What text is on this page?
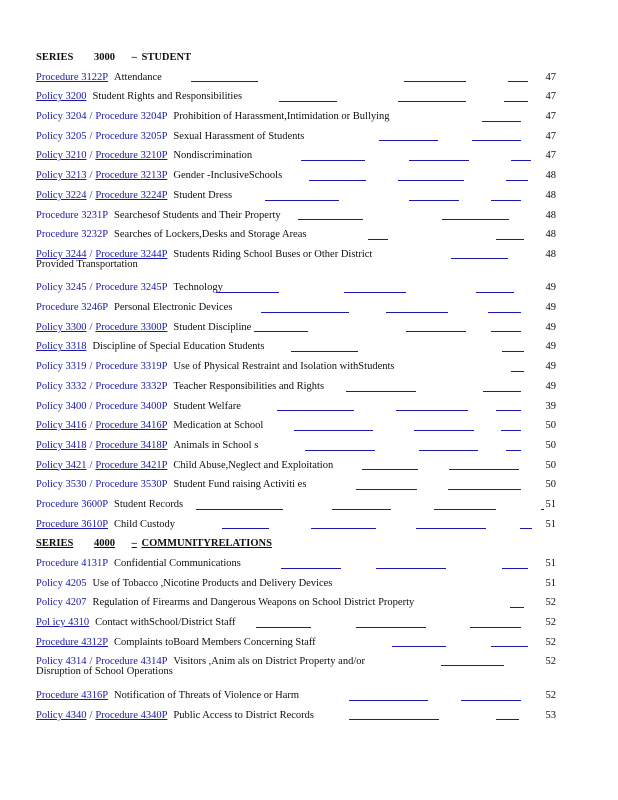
SERIES 3000 – STUDENT
Procedure 3122P Attendance	47
Policy 3200 Student Rights and Responsibilities	47
Policy 3204 / Procedure 3204P Prohibition of Harassment,Intimidation or Bullying	47
Policy 3205 / Procedure 3205P Sexual Harassment of Students	47
Policy 3210 / Procedure 3210P Nondiscrimination	47
Policy 3213 / Procedure 3213P Gender -InclusiveSchools	48
Policy 3224 / Procedure 3224P Student Dress	48
Procedure 3231P Searchesof Students and Their Property	48
Procedure 3232P Searches of Lockers,Desks and Storage Areas	48
Policy 3244 / Procedure 3244P Students Riding School Buses or Other District
Provided Transportation
48
Policy 3245 / Procedure 3245P Technology	49
Procedure 3246P Personal Electronic Devices	49
Policy 3300 / Procedure 3300P Student Discipline	49
Policy 3318 Discipline of Special Education Students	49
Policy 3319 / Procedure 3319P Use of Physical Restraint and Isolation withStudents	49
Policy 3332 / Procedure 3332P Teacher Responsibilities and Rights	49
Policy 3400 / Procedure 3400P Student Welfare	39
Policy 3416 / Procedure 3416P Medication at School	50
Policy 3418 / Procedure 3418P Animals in School s	50
Policy 3421 / Procedure 3421P Child Abuse,Neglect and Exploitation	50
Policy 3530 / Procedure 3530P Student Fund raising Activiti es	50
Procedure 3600P Student Records	51
Procedure 3610P Child Custody	51
SERIES 4000 – COMMUNITYRELATIONS
Procedure 4131P Confidential Communications	51
Policy 4205 Use of Tobacco ,Nicotine Products and Delivery Devices	51
Policy 4207 Regulation of Firearms and Dangerous Weapons on School District Property	52
Pol icy 4310 Contact withSchool/District Staff	52
Procedure 4312P Complaints toBoard Members Concerning Staff	52
Policy 4314 / Procedure 4314P Visitors ,Anim als on District Property and/or
Disruption of School Operations
52
Procedure 4316P Notification of Threats of Violence or Harm	52
Policy 4340 / Procedure 4340P Public Access to District Records	53
